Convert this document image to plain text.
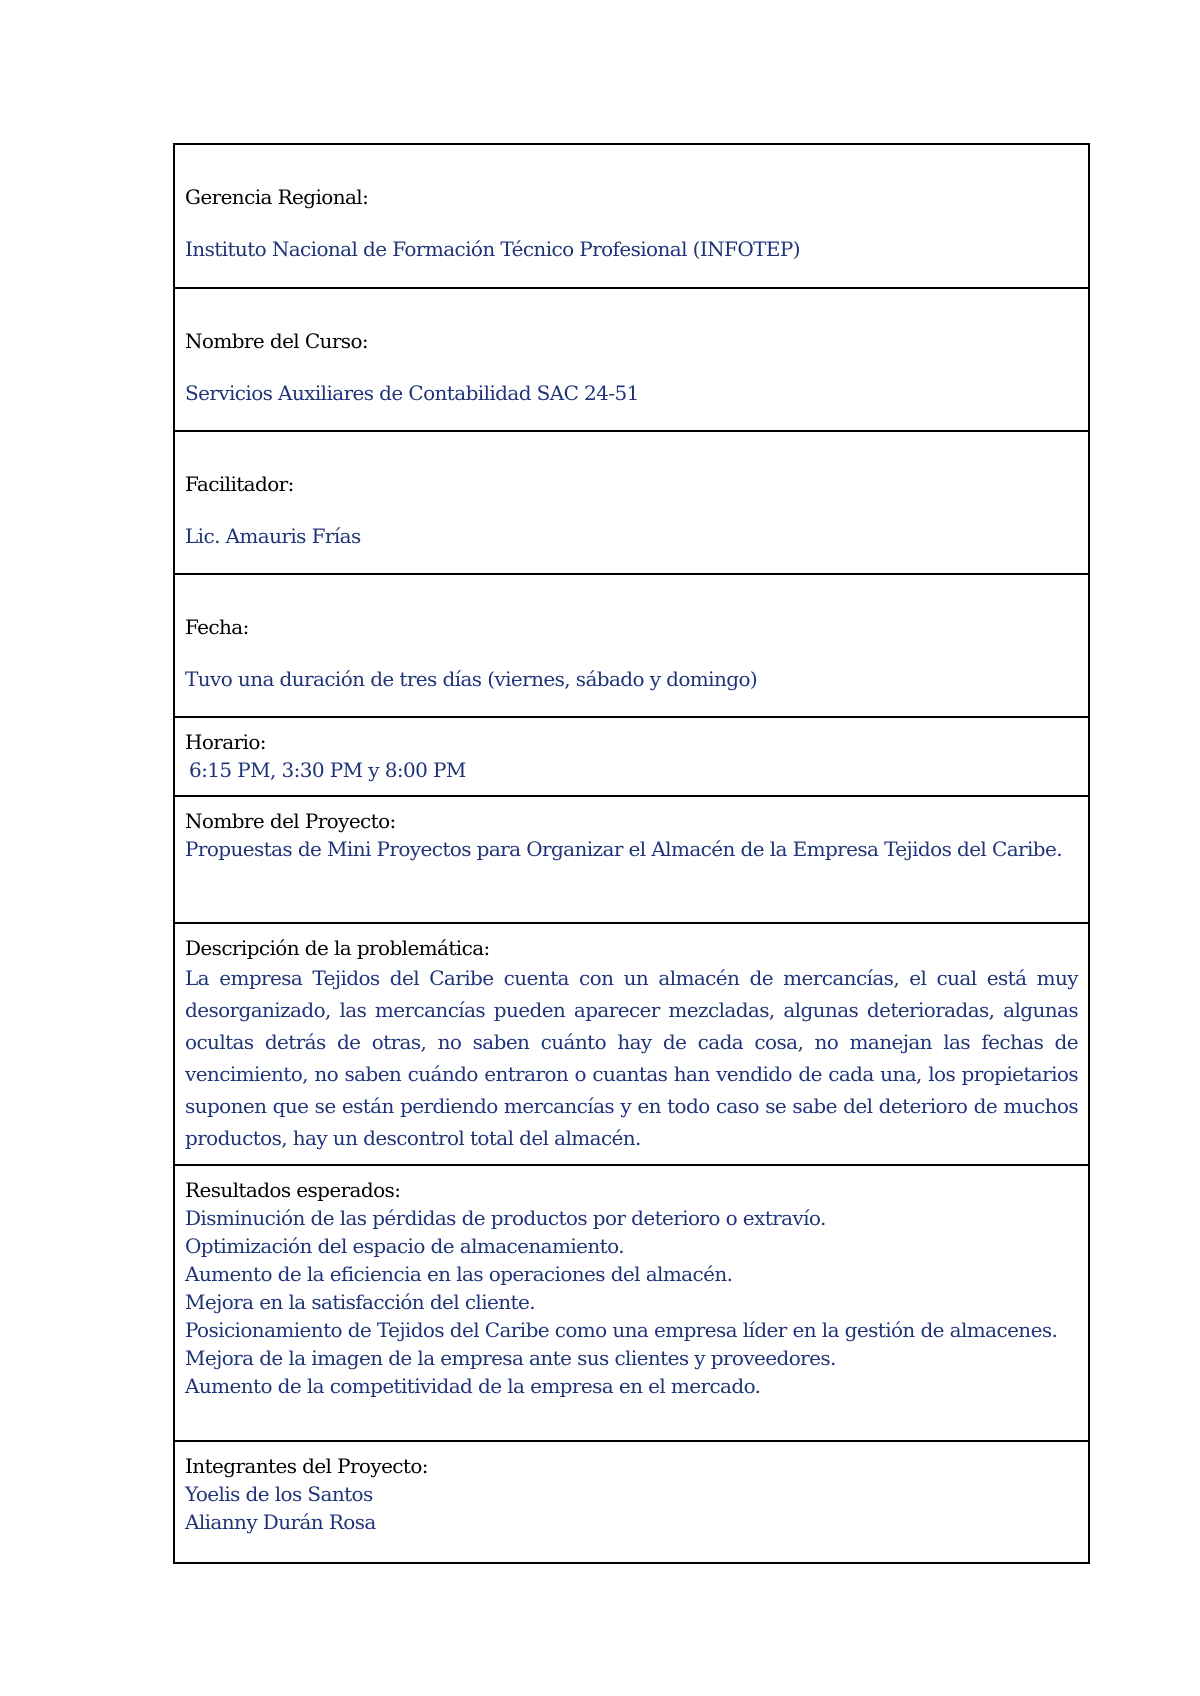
Gerencia Regional:

Instituto Nacional de Formación Técnico Profesional (INFOTEP)

Nombre del Curso:

Servicios Auxiliares de Contabilidad SAC 24-51

Facilitador:

Lic. Amauris Frías

Fecha:

Tuvo una duración de tres días (viernes, sábado y domingo)

Horario:

6:15 PM, 3:30 PM y 8:00 PM

Nombre del Proyecto:

Propuestas de Mini Proyectos para Organizar el Almacén de la Empresa Tejidos del Caribe.

Descripción de la problemática:

La empresa Tejidos del Caribe cuenta con un almacén de mercancías, el cual está muy desorganizado, las mercancías pueden aparecer mezcladas, algunas deterioradas, algunas ocultas detrás de otras, no saben cuánto hay de cada cosa, no manejan las fechas de vencimiento, no saben cuándo entraron o cuantas han vendido de cada una, los propietarios suponen que se están perdiendo mercancías y en todo caso se sabe del deterioro de muchos productos, hay un descontrol total del almacén.

Resultados esperados:

Disminución de las pérdidas de productos por deterioro o extravío.
Optimización del espacio de almacenamiento.
Aumento de la eficiencia en las operaciones del almacén.
Mejora en la satisfacción del cliente.
Posicionamiento de Tejidos del Caribe como una empresa líder en la gestión de almacenes.
Mejora de la imagen de la empresa ante sus clientes y proveedores.
Aumento de la competitividad de la empresa en el mercado.

Integrantes del Proyecto:

Yoelis de los Santos
Alianny Durán Rosa
